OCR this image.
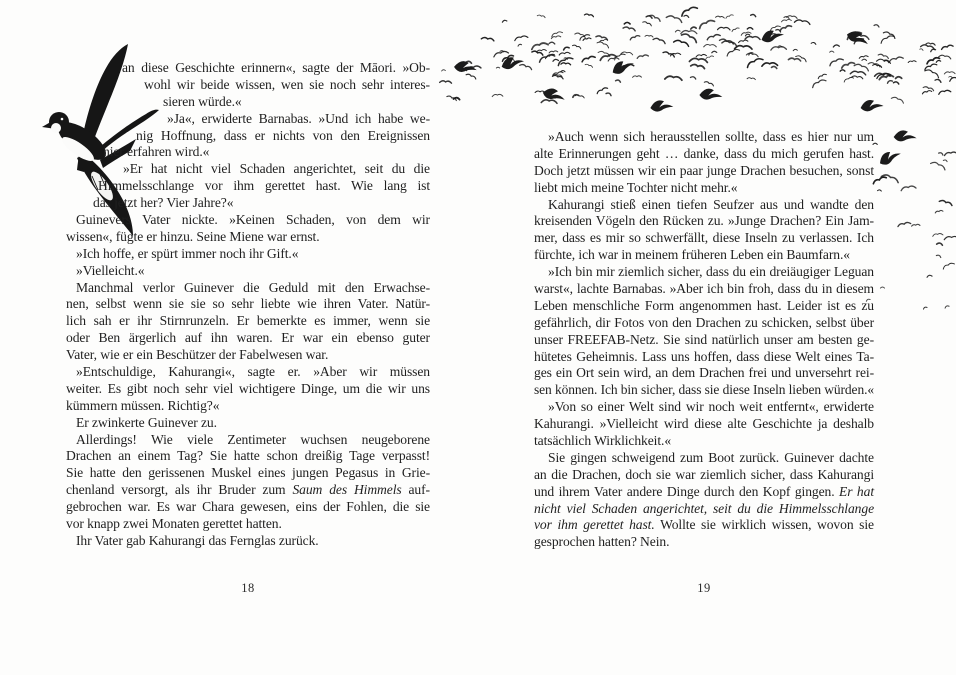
an diese Geschichte erinnern«, sagte der Māori. »Ob-
wohl wir beide wissen, wen sie noch sehr interes-
sieren würde.«
»Ja«, erwiderte Barnabas. »Und ich habe we-
nig Hoffnung, dass er nichts von den Ereignissen
hier erfahren wird.«
»Er hat nicht viel Schaden angerichtet, seit du die
Himmelsschlange vor ihm gerettet hast. Wie lang ist
das jetzt her? Vier Jahre?«
Guinevers Vater nickte. »Keinen Schaden, von dem wir
wissen«, fügte er hinzu. Seine Miene war ernst.
»Ich hoffe, er spürt immer noch ihr Gift.«
»Vielleicht.«
Manchmal verlor Guinever die Geduld mit den Erwachse-
nen, selbst wenn sie sie so sehr liebte wie ihren Vater. Natür-
lich sah er ihr Stirnrunzeln. Er bemerkte es immer, wenn sie
oder Ben ärgerlich auf ihn waren. Er war ein ebenso guter
Vater, wie er ein Beschützer der Fabelwesen war.
»Entschuldige, Kahurangi«, sagte er. »Aber wir müssen
weiter. Es gibt noch sehr viel wichtigere Dinge, um die wir uns
kümmern müssen. Richtig?«
Er zwinkerte Guinever zu.
Allerdings! Wie viele Zentimeter wuchsen neugeborene
Drachen an einem Tag? Sie hatte schon dreißig Tage verpasst!
Sie hatte den gerissenen Muskel eines jungen Pegasus in Grie-
chenland versorgt, als ihr Bruder zum Saum des Himmels auf-
gebrochen war. Es war Chara gewesen, eins der Fohlen, die sie
vor knapp zwei Monaten gerettet hatten.
Ihr Vater gab Kahurangi das Fernglas zurück.
18
»Auch wenn sich herausstellen sollte, dass es hier nur um
alte Erinnerungen geht … danke, dass du mich gerufen hast.
Doch jetzt müssen wir ein paar junge Drachen besuchen, sonst
liebt mich meine Tochter nicht mehr.«
Kahurangi stieß einen tiefen Seufzer aus und wandte den
kreisenden Vögeln den Rücken zu. »Junge Drachen? Ein Jam-
mer, dass es mir so schwerfällt, diese Inseln zu verlassen. Ich
fürchte, ich war in meinem früheren Leben ein Baumfarn.«
»Ich bin mir ziemlich sicher, dass du ein dreiäugiger Leguan
warst«, lachte Barnabas. »Aber ich bin froh, dass du in diesem
Leben menschliche Form angenommen hast. Leider ist es zu
gefährlich, dir Fotos von den Drachen zu schicken, selbst über
unser FREEFAB-Netz. Sie sind natürlich unser am besten ge-
hütetes Geheimnis. Lass uns hoffen, dass diese Welt eines Ta-
ges ein Ort sein wird, an dem Drachen frei und unversehrt rei-
sen können. Ich bin sicher, dass sie diese Inseln lieben würden.«
»Von so einer Welt sind wir noch weit entfernt«, erwiderte
Kahurangi. »Vielleicht wird diese alte Geschichte ja deshalb
tatsächlich Wirklichkeit.«
Sie gingen schweigend zum Boot zurück. Guinever dachte
an die Drachen, doch sie war ziemlich sicher, dass Kahurangi
und ihrem Vater andere Dinge durch den Kopf gingen. Er hat
nicht viel Schaden angerichtet, seit du die Himmelsschlange
vor ihm gerettet hast. Wollte sie wirklich wissen, wovon sie
gesprochen hatten? Nein.
19
